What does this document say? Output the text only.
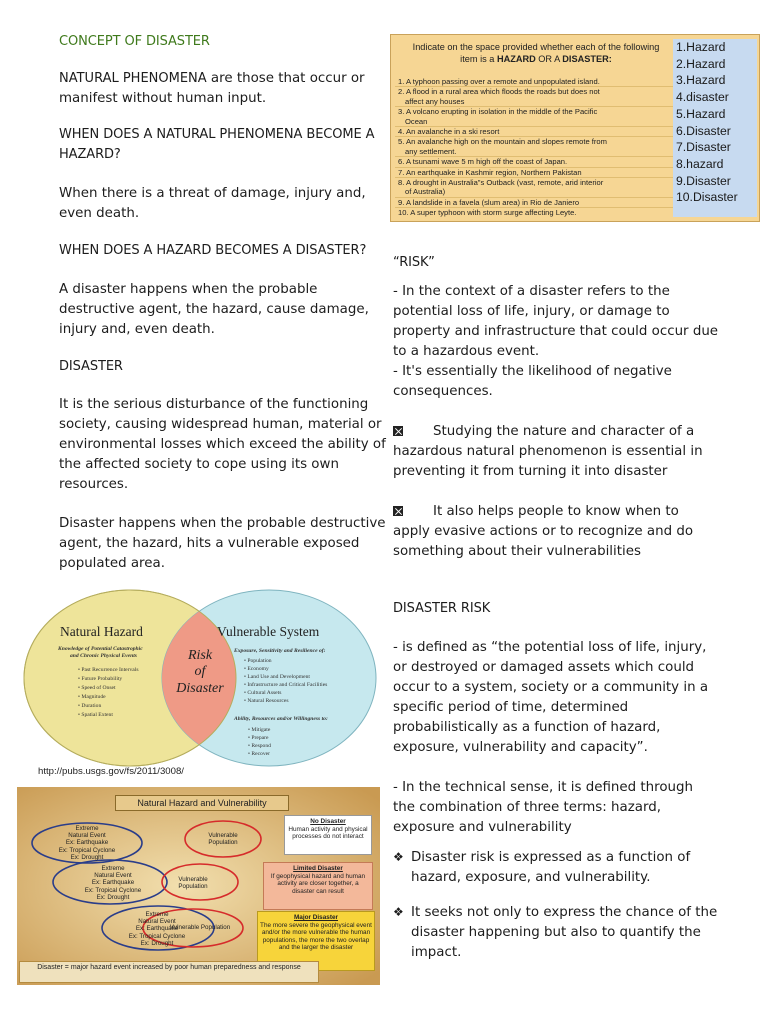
CONCEPT OF DISASTER
NATURAL PHENOMENA are those that occur or
manifest without human input.
WHEN DOES A NATURAL PHENOMENA BECOME A
HAZARD?
When there is a threat of damage, injury and,
even death.
WHEN DOES A HAZARD BECOMES A DISASTER?
A disaster happens when the probable
destructive agent, the hazard, cause damage,
injury and, even death.
DISASTER
It is the serious disturbance of the functioning
society, causing widespread human, material or
environmental losses which exceed the ability of
the affected society to cope using its own
resources.
Disaster happens when the probable destructive
agent, the hazard, hits a vulnerable exposed
populated area.
Indicate on the space provided whether each of the following
item is a HAZARD OR A DISASTER:
1. A typhoon passing over a remote and unpopulated island.
2. A flood in a rural area which floods the roads but does not
affect any houses
3. A volcano erupting in isolation in the middle of the Pacific
Ocean
4. An avalanche in a ski resort
5. An avalanche high on the mountain and slopes remote from
any settlement.
6. A tsunami wave 5 m high off the coast of Japan.
7. An earthquake in Kashmir region, Northern Pakistan
8. A drought in Australia"s Outback (vast, remote, arid interior
of Australia)
9. A landslide in a favela (slum area) in Rio de Janiero
10. A super typhoon with storm surge affecting Leyte.
1.Hazard
2.Hazard
3.Hazard
4.disaster
5.Hazard
6.Disaster
7.Disaster
8.hazard
9.Disaster
10.Disaster
“RISK”
- In the context of a disaster refers to the
potential loss of life, injury, or damage to
property and infrastructure that could occur due
to a hazardous event.
- It's essentially the likelihood of negative
consequences.
Studying the nature and character of a
hazardous natural phenomenon is essential in
preventing it from turning it into disaster
It also helps people to know when to
apply evasive actions or to recognize and do
something about their vulnerabilities
DISASTER RISK
- is defined as “the potential loss of life, injury,
or destroyed or damaged assets which could
occur to a system, society or a community in a
specific period of time, determined
probabilistically as a function of hazard,
exposure, vulnerability and capacity”.
- In the technical sense, it is defined through
the combination of three terms: hazard,
exposure and vulnerability
❖ Disaster risk is expressed as a function of

hazard, exposure, and vulnerability.
❖ It seeks not only to express the chance of the

disaster happening but also to quantify the
impact.
Natural Hazard
Knowledge of Potential Catastrophic
and Chronic Physical Events
• Past Recurrence Intervals
• Future Probability
• Speed of Onset
• Magnitude
• Duration
• Spatial Extent
Risk
of
Disaster
Vulnerable System
Exposure, Sensitivity and Resilience of:
• Population
• Economy
• Land Use and Development
• Infrastructure and Critical Facilities
• Cultural Assets
• Natural Resources
Ability, Resources and/or Willingness to:
• Mitigate
• Prepare
• Respond
• Recover
http://pubs.usgs.gov/fs/2011/3008/
Natural Hazard and Vulnerability
Extreme
Natural Event
Ex: Earthquake
Ex: Tropical Cyclone
Ex: Drought
Vulnerable
Population
Extreme
Natural Event
Ex: Earthquake
Ex: Tropical Cyclone
Ex: Drought
Vulnerable
Population
Extreme
Natural Event
Ex: Earthquake
Ex: Tropical Cyclone
Ex: Drought
Vulnerable Population
No Disaster
Human activity and physical processes do not interact
Limited Disaster
If geophysical hazard and human activity are closer together, a disaster can result
Major Disaster
The more severe the geophysical event and/or the more vulnerable the human populations, the more the two overlap and the larger the disaster
Disaster = major hazard event increased by poor human preparedness and response
